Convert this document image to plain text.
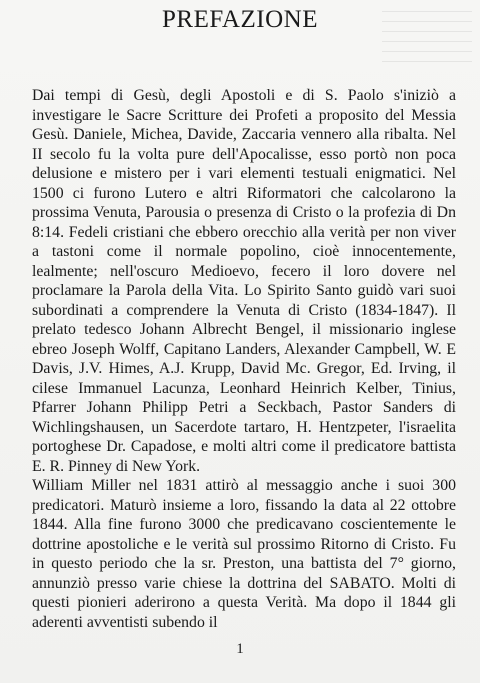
PREFAZIONE

Dai tempi di Gesù, degli Apostoli e di S. Paolo s'iniziò a investigare le Sacre Scritture dei Profeti a proposito del Messia Gesù. Daniele, Michea, Davide, Zaccaria vennero alla ribalta. Nel II secolo fu la volta pure dell'Apocalisse, esso portò non poca delusione e mistero per i vari elementi testuali enigmatici. Nel 1500 ci furono Lutero e altri Riformatori che calcolarono la prossima Venuta, Parousia o presenza di Cristo o la profezia di Dn 8:14. Fedeli cristiani che ebbero orecchio alla verità per non viver a tastoni come il normale popolino, cioè innocentemente, lealmente; nell'oscuro Medioevo, fecero il loro dovere nel proclamare la Parola della Vita. Lo Spirito Santo guidò vari suoi subordinati a comprendere la Venuta di Cristo (1834-1847). Il prelato tedesco Johann Albrecht Bengel, il missionario inglese ebreo Joseph Wolff, Capitano Landers, Alexander Campbell, W. E Davis, J.V. Himes, A.J. Krupp, David Mc. Gregor, Ed. Irving, il cilese Immanuel Lacunza, Leonhard Heinrich Kelber, Tinius, Pfarrer Johann Philipp Petri a Seckbach, Pastor Sanders di Wichlingshausen, un Sacerdote tartaro, H. Hentzpeter, l'israelita portoghese Dr. Capadose, e molti altri come il predicatore battista E. R. Pinney di New York.

William Miller nel 1831 attirò al messaggio anche i suoi 300 predicatori. Maturò insieme a loro, fissando la data al 22 ottobre 1844. Alla fine furono 3000 che predicavano coscientemente le dottrine apostoliche e le verità sul prossimo Ritorno di Cristo. Fu in questo periodo che la sr. Preston, una battista del 7° giorno, annunziò presso varie chiese la dottrina del SABATO. Molti di questi pionieri aderirono a questa Verità. Ma dopo il 1844 gli aderenti avventisti subendo il

1
